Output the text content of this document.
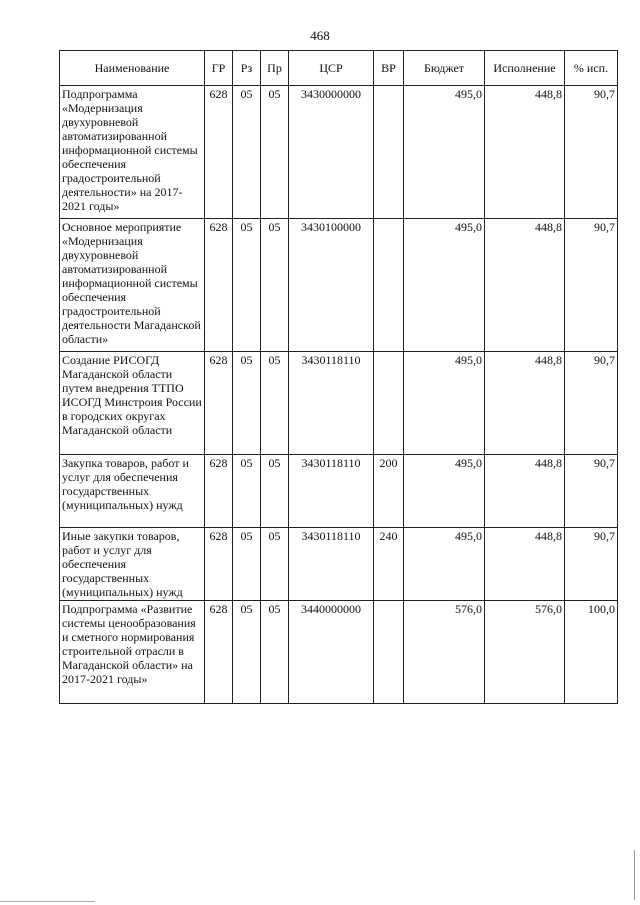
468
Наименование	ГР	Рз	Пр	ЦСР	ВР	Бюджет	Исполнение	% исп.
Подпрограмма «Модернизация двухуровневой автоматизированной информационной системы обеспечения градостроительной деятельности» на 2017-2021 годы»	628	05	05	3430000000		495,0	448,8	90,7
Основное мероприятие «Модернизация двухуровневой автоматизированной информационной системы обеспечения градостроительной деятельности Магаданской области»	628	05	05	3430100000		495,0	448,8	90,7
Создание РИСОГД Магаданской области путем внедрения ТТПО ИСОГД Минстроия России в городских округах Магаданской области	628	05	05	3430118110		495,0	448,8	90,7
Закупка товаров, работ и услуг для обеспечения государственных (муниципальных) нужд	628	05	05	3430118110	200	495,0	448,8	90,7
Иные закупки товаров, работ и услуг для обеспечения государственных (муниципальных) нужд	628	05	05	3430118110	240	495,0	448,8	90,7
Подпрограмма «Развитие системы ценообразования и сметного нормирования строительной отрасли в Магаданской области» на 2017-2021 годы»	628	05	05	3440000000		576,0	576,0	100,0
